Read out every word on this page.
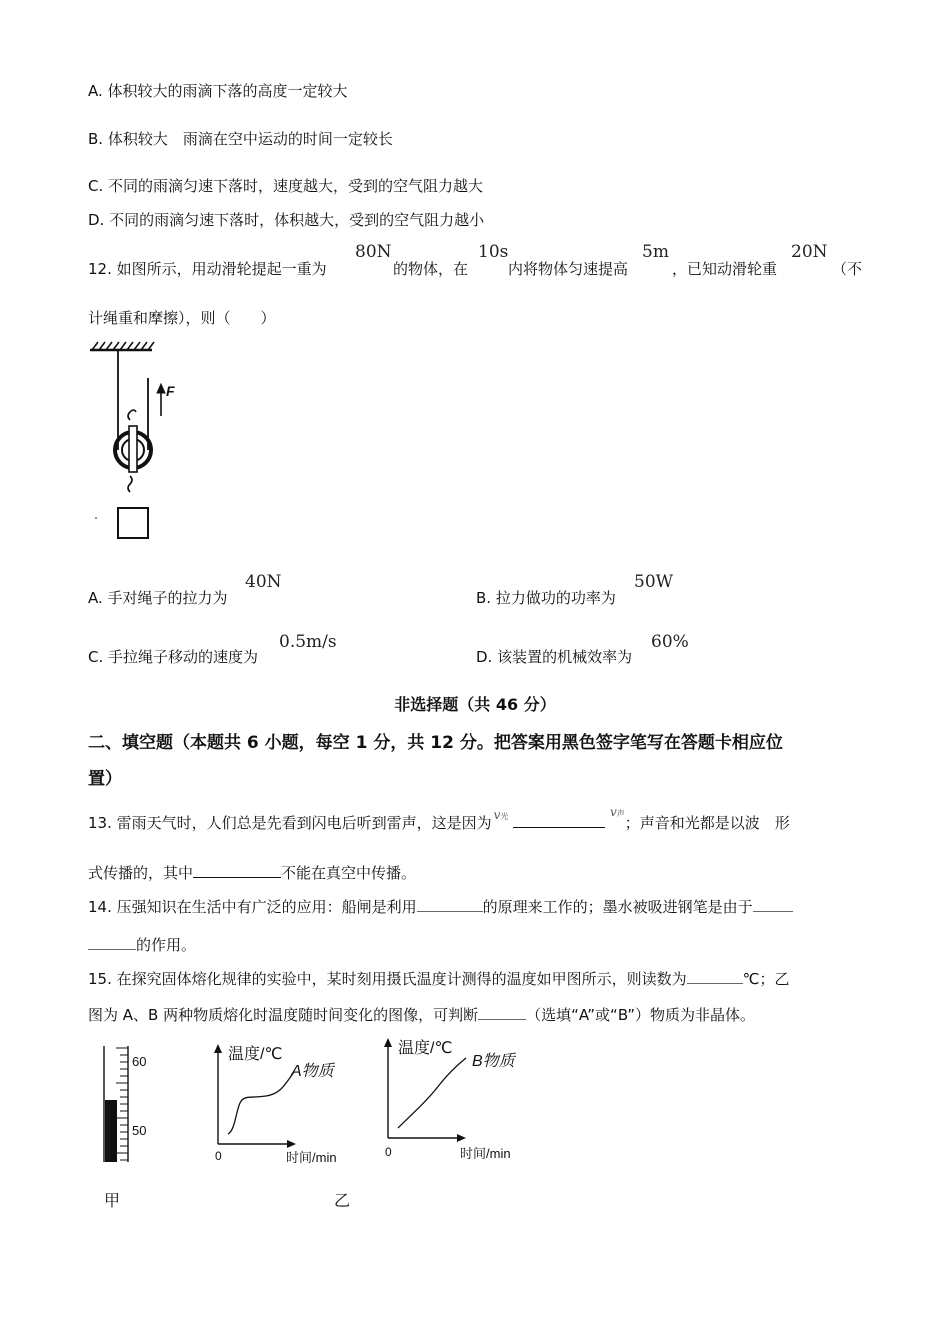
A. 体积较大的雨滴下落的高度一定较大
B. 体积较大　雨滴在空中运动的时间一定较长
C. 不同的雨滴匀速下落时，速度越大，受到的空气阻力越大
D. 不同的雨滴匀速下落时，体积越大，受到的空气阻力越小
12. 如图所示，用动滑轮提起一重为
80N
的物体，在
10s
内将物体匀速提高
5m
，已知动滑轮重
20N
（不
计绳重和摩擦），则（　　）
F
A. 手对绳子的拉力为
40N
B. 拉力做功的功率为
50W
C. 手拉绳子移动的速度为
0.5m/s
D. 该装置的机械效率为
60%
非选择题（共 46 分）
二、填空题（本题共 6 小题，每空 1 分，共 12 分。把答案用黑色签字笔写在答题卡相应位
置）
13. 雷雨天气时，人们总是先看到闪电后听到雷声，这是因为 v光	v声；声音和光都是以波　形
式传播的，其中	不能在真空中传播。
14. 压强知识在生活中有广泛的应用：船闸是利用	的原理来工作的；墨水被吸进钢笔是由于
的作用。
15. 在探究固体熔化规律的实验中，某时刻用摄氏温度计测得的温度如甲图所示，则读数为	℃；乙
图为 A、B 两种物质熔化时温度随时间变化的图像，可判断	（选填“A”或“B”）物质为非晶体。
60
50
甲
温度/℃
A物质
0	时间/min
乙
温度/℃
B物质
0	时间/min
